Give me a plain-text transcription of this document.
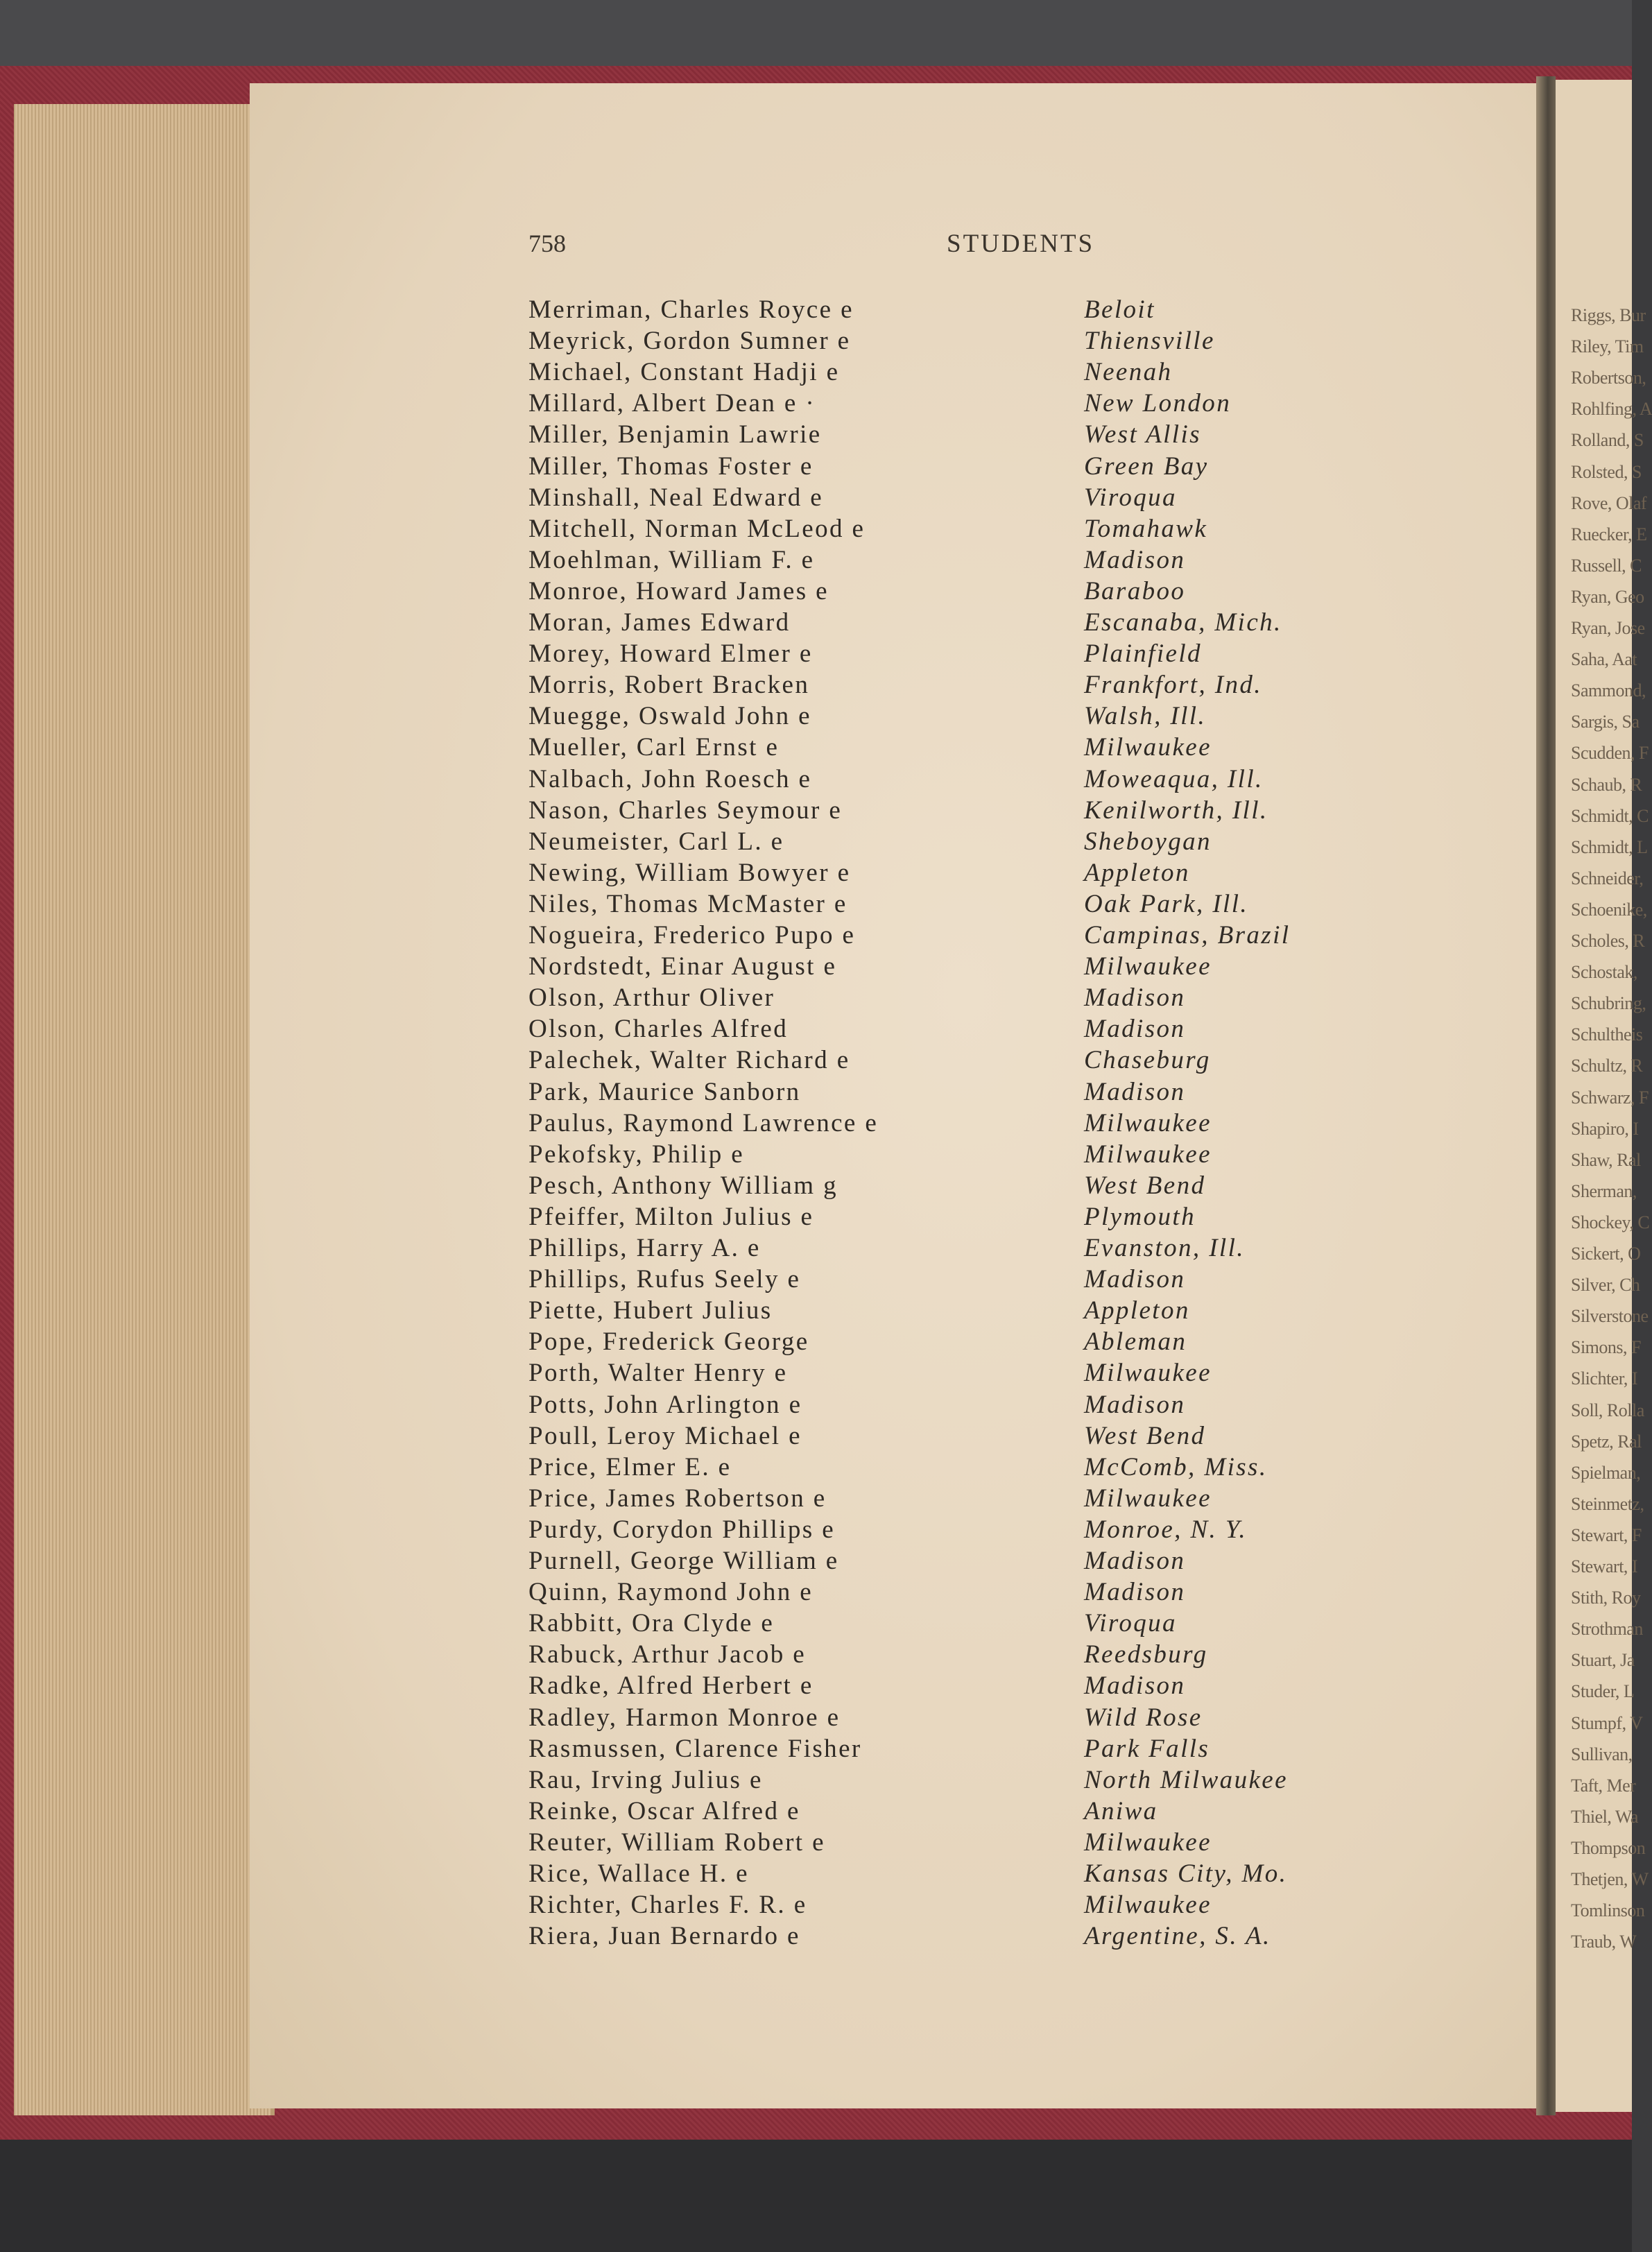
Riggs, Bur
Riley, Tim
Robertson,
Rohlfing, A
Rolland, S
Rolsted, S
Rove, Olaf
Ruecker, E
Russell, C
Ryan, Geo
Ryan, Jose
Saha, Aat
Sammond,
Sargis, Sa
Scudden, F
Schaub, R
Schmidt, C
Schmidt, L
Schneider,
Schoenike,
Scholes, R
Schostak,
Schubring,
Schultheis
Schultz, R
Schwarz, F
Shapiro, I
Shaw, Ral
Sherman,
Shockey, C
Sickert, O
Silver, Ch
Silverstone
Simons, F
Slichter, I
Soll, Rolla
Spetz, Ral
Spielman,
Steinmetz,
Stewart, F
Stewart, I
Stith, Roy
Strothman
Stuart, Ja
Studer, L
Stumpf, V
Sullivan,
Taft, Mer
Thiel, Wa
Thompson
Thetjen, W
Tomlinson
Traub, W
758	STUDENTS
Merriman, Charles Royce e	Beloit
Meyrick, Gordon Sumner e	Thiensville
Michael, Constant Hadji e	Neenah
Millard, Albert Dean e ·	New London
Miller, Benjamin Lawrie	West Allis
Miller, Thomas Foster e	Green Bay
Minshall, Neal Edward e	Viroqua
Mitchell, Norman McLeod e	Tomahawk
Moehlman, William F. e	Madison
Monroe, Howard James e	Baraboo
Moran, James Edward	Escanaba, Mich.
Morey, Howard Elmer e	Plainfield
Morris, Robert Bracken	Frankfort, Ind.
Muegge, Oswald John e	Walsh, Ill.
Mueller, Carl Ernst e	Milwaukee
Nalbach, John Roesch e	Moweaqua, Ill.
Nason, Charles Seymour e	Kenilworth, Ill.
Neumeister, Carl L. e	Sheboygan
Newing, William Bowyer e	Appleton
Niles, Thomas McMaster e	Oak Park, Ill.
Nogueira, Frederico Pupo e	Campinas, Brazil
Nordstedt, Einar August e	Milwaukee
Olson, Arthur Oliver	Madison
Olson, Charles Alfred	Madison
Palechek, Walter Richard e	Chaseburg
Park, Maurice Sanborn	Madison
Paulus, Raymond Lawrence e	Milwaukee
Pekofsky, Philip e	Milwaukee
Pesch, Anthony William g	West Bend
Pfeiffer, Milton Julius e	Plymouth
Phillips, Harry A. e	Evanston, Ill.
Phillips, Rufus Seely e	Madison
Piette, Hubert Julius	Appleton
Pope, Frederick George	Ableman
Porth, Walter Henry e	Milwaukee
Potts, John Arlington e	Madison
Poull, Leroy Michael e	West Bend
Price, Elmer E. e	McComb, Miss.
Price, James Robertson e	Milwaukee
Purdy, Corydon Phillips e	Monroe, N. Y.
Purnell, George William e	Madison
Quinn, Raymond John e	Madison
Rabbitt, Ora Clyde e	Viroqua
Rabuck, Arthur Jacob e	Reedsburg
Radke, Alfred Herbert e	Madison
Radley, Harmon Monroe e	Wild Rose
Rasmussen, Clarence Fisher	Park Falls
Rau, Irving Julius e	North Milwaukee
Reinke, Oscar Alfred e	Aniwa
Reuter, William Robert e	Milwaukee
Rice, Wallace H. e	Kansas City, Mo.
Richter, Charles F. R. e	Milwaukee
Riera, Juan Bernardo e	Argentine, S. A.
